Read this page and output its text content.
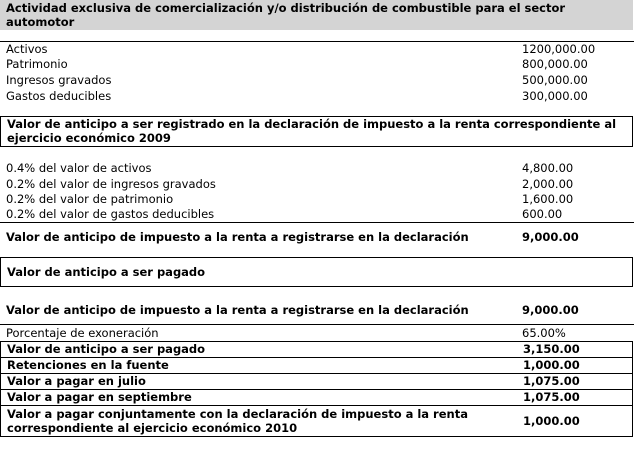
Actividad exclusiva de comercialización y/o distribución de combustible para el sector automotor
Activos	1200,000.00
Patrimonio	800,000.00
Ingresos gravados	500,000.00
Gastos deducibles	300,000.00
Valor de anticipo a ser registrado en la declaración de impuesto a la renta correspondiente al ejercicio económico 2009
0.4% del valor de activos	4,800.00
0.2% del valor de ingresos gravados	2,000.00
0.2% del valor de patrimonio	1,600.00
0.2% del valor de gastos deducibles	600.00
Valor de anticipo de impuesto a la renta a registrarse en la declaración	9,000.00
Valor de anticipo a ser pagado
Valor de anticipo de impuesto a la renta a registrarse en la declaración	9,000.00
Porcentaje de exoneración	65.00%
Valor de anticipo a ser pagado	3,150.00
Retenciones en la fuente	1,000.00
Valor a pagar en julio	1,075.00
Valor a pagar en septiembre	1,075.00
Valor a pagar conjuntamente con la declaración de impuesto a la renta correspondiente al ejercicio económico 2010	1,000.00
